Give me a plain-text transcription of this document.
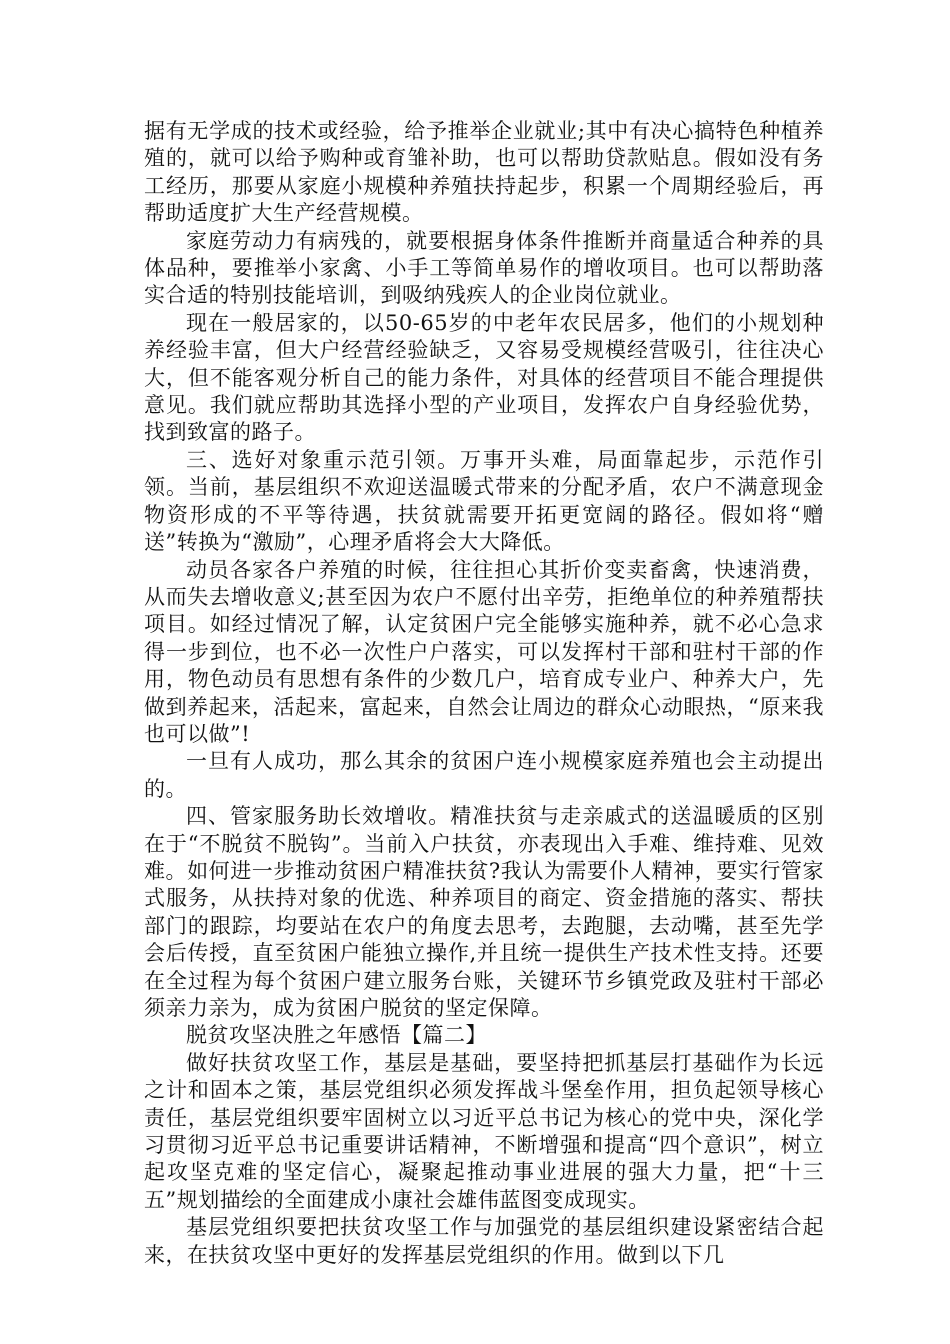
据有无学成的技术或经验，给予推举企业就业;其中有决心搞特色种植养殖的，就可以给予购种或育雏补助，也可以帮助贷款贴息。假如没有务工经历，那要从家庭小规模种养殖扶持起步，积累一个周期经验后，再帮助适度扩大生产经营规模。

家庭劳动力有病残的，就要根据身体条件推断并商量适合种养的具体品种，要推举小家禽、小手工等简单易作的增收项目。也可以帮助落实合适的特别技能培训，到吸纳残疾人的企业岗位就业。

现在一般居家的，以50-65岁的中老年农民居多，他们的小规划种养经验丰富，但大户经营经验缺乏，又容易受规模经营吸引，往往决心大，但不能客观分析自己的能力条件，对具体的经营项目不能合理提供意见。我们就应帮助其选择小型的产业项目，发挥农户自身经验优势，找到致富的路子。

三、选好对象重示范引领。万事开头难，局面靠起步，示范作引领。当前，基层组织不欢迎送温暖式带来的分配矛盾，农户不满意现金物资形成的不平等待遇，扶贫就需要开拓更宽阔的路径。假如将“赠送”转换为“激励”，心理矛盾将会大大降低。

动员各家各户养殖的时候，往往担心其折价变卖畜禽，快速消费，从而失去增收意义;甚至因为农户不愿付出辛劳，拒绝单位的种养殖帮扶项目。如经过情况了解，认定贫困户完全能够实施种养，就不必心急求得一步到位，也不必一次性户户落实，可以发挥村干部和驻村干部的作用，物色动员有思想有条件的少数几户，培育成专业户、种养大户，先做到养起来，活起来，富起来，自然会让周边的群众心动眼热，“原来我也可以做”!

一旦有人成功，那么其余的贫困户连小规模家庭养殖也会主动提出的。

四、管家服务助长效增收。精准扶贫与走亲戚式的送温暖质的区别在于“不脱贫不脱钩”。当前入户扶贫，亦表现出入手难、维持难、见效难。如何进一步推动贫困户精准扶贫?我认为需要仆人精神，要实行管家式服务，从扶持对象的优选、种养项目的商定、资金措施的落实、帮扶部门的跟踪，均要站在农户的角度去思考，去跑腿，去动嘴，甚至先学会后传授，直至贫困户能独立操作,并且统一提供生产技术性支持。还要在全过程为每个贫困户建立服务台账，关键环节乡镇党政及驻村干部必须亲力亲为，成为贫困户脱贫的坚定保障。

脱贫攻坚决胜之年感悟【篇二】

做好扶贫攻坚工作，基层是基础，要坚持把抓基层打基础作为长远之计和固本之策，基层党组织必须发挥战斗堡垒作用，担负起领导核心责任，基层党组织要牢固树立以习近平总书记为核心的党中央，深化学习贯彻习近平总书记重要讲话精神，不断增强和提高“四个意识”，树立起攻坚克难的坚定信心，凝聚起推动事业进展的强大力量，把“十三五”规划描绘的全面建成小康社会雄伟蓝图变成现实。

基层党组织要把扶贫攻坚工作与加强党的基层组织建设紧密结合起来，在扶贫攻坚中更好的发挥基层党组织的作用。做到以下几
